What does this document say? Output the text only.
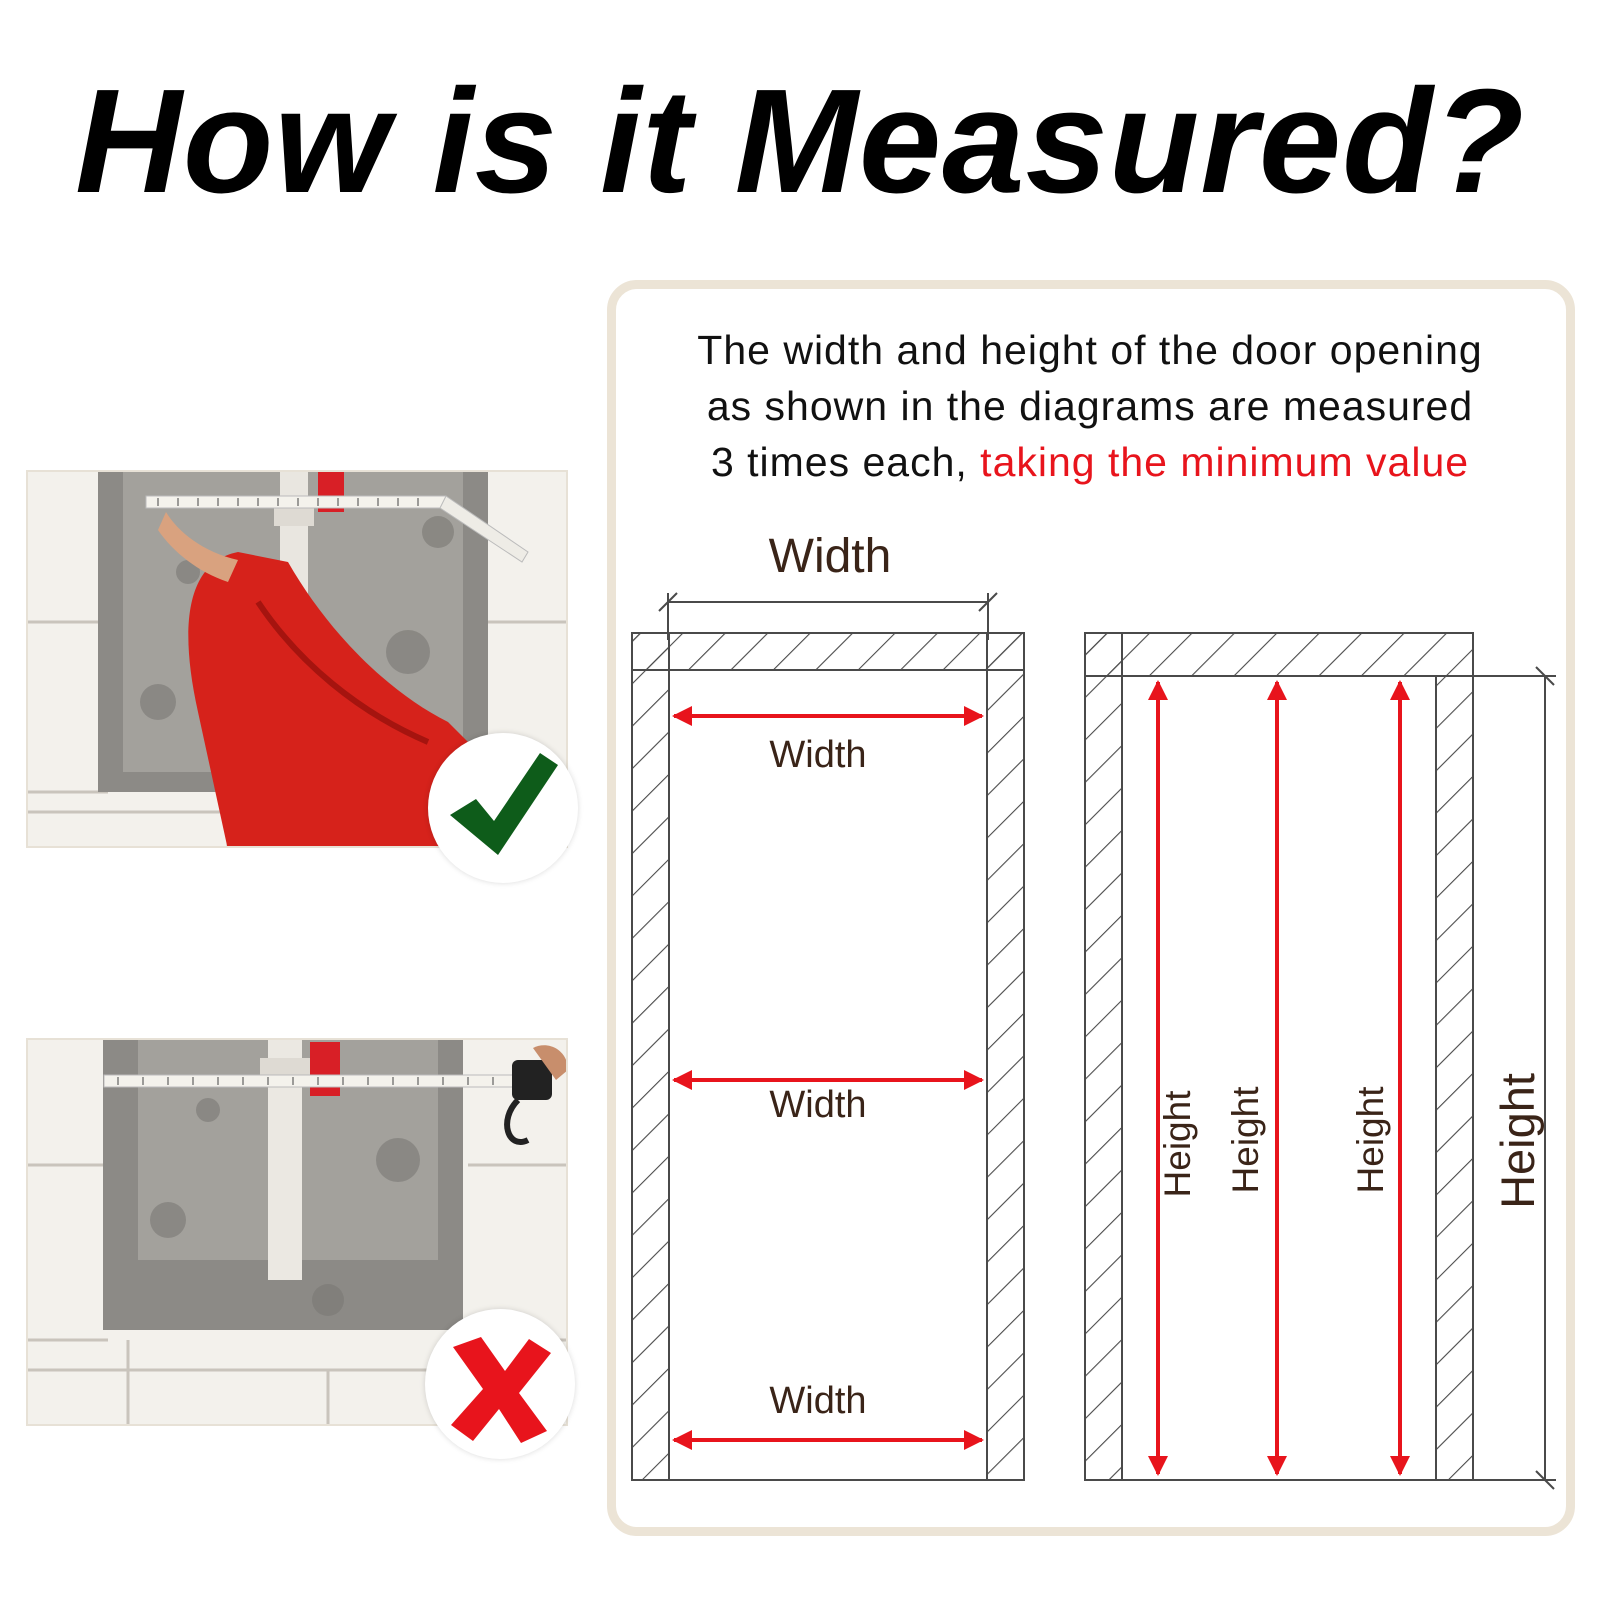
How is it Measured?
The width and height of the door opening
as shown in the diagrams are measured
3 times each, taking the minimum value
Width
Width
Width
Width
Height Height Height Height
